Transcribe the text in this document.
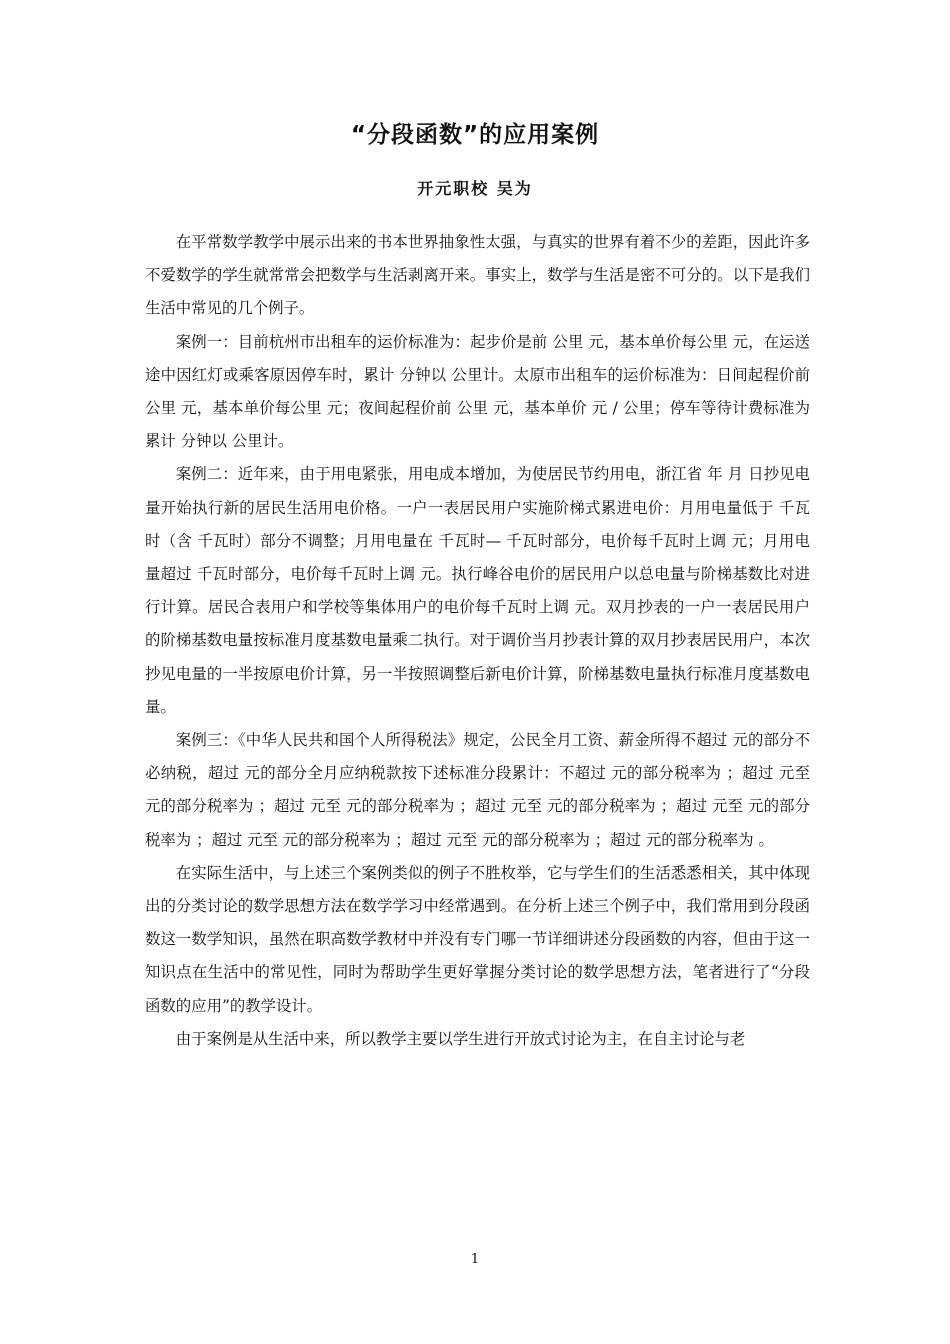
“分段函数”的应用案例
开元职校 吴为

在平常数学教学中展示出来的书本世界抽象性太强，与真实的世界有着不少的差距，因此许多不爱数学的学生就常常会把数学与生活剥离开来。事实上，数学与生活是密不可分的。以下是我们生活中常见的几个例子。

案例一：目前杭州市出租车的运价标准为：起步价是前 公里 元，基本单价每公里 元，在运送途中因红灯或乘客原因停车时，累计 分钟以 公里计。太原市出租车的运价标准为：日间起程价前 公里 元，基本单价每公里 元；夜间起程价前 公里 元，基本单价 元 / 公里；停车等待计费标准为累计 分钟以 公里计。

案例二：近年来，由于用电紧张，用电成本增加，为使居民节约用电，浙江省 年 月 日抄见电量开始执行新的居民生活用电价格。一户一表居民用户实施阶梯式累进电价：月用电量低于 千瓦时（含 千瓦时）部分不调整；月用电量在 千瓦时— 千瓦时部分，电价每千瓦时上调 元；月用电量超过 千瓦时部分，电价每千瓦时上调 元。执行峰谷电价的居民用户以总电量与阶梯基数比对进行计算。居民合表用户和学校等集体用户的电价每千瓦时上调 元。双月抄表的一户一表居民用户的阶梯基数电量按标准月度基数电量乘二执行。对于调价当月抄表计算的双月抄表居民用户，本次抄见电量的一半按原电价计算，另一半按照调整后新电价计算，阶梯基数电量执行标准月度基数电量。

案例三：《中华人民共和国个人所得税法》规定，公民全月工资、薪金所得不超过 元的部分不必纳税，超过 元的部分全月应纳税款按下述标准分段累计：不超过 元的部分税率为 ；超过 元至 元的部分税率为 ；超过 元至 元的部分税率为 ；超过 元至 元的部分税率为 ；超过 元至 元的部分税率为 ；超过 元至 元的部分税率为 ；超过 元至 元的部分税率为 ；超过 元的部分税率为 。

在实际生活中，与上述三个案例类似的例子不胜枚举，它与学生们的生活悉悉相关，其中体现出的分类讨论的数学思想方法在数学学习中经常遇到。在分析上述三个例子中，我们常用到分段函数这一数学知识，虽然在职高数学教材中并没有专门哪一节详细讲述分段函数的内容，但由于这一知识点在生活中的常见性，同时为帮助学生更好掌握分类讨论的数学思想方法，笔者进行了“分段函数的应用”的教学设计。

由于案例是从生活中来，所以教学主要以学生进行开放式讨论为主，在自主讨论与老

1
